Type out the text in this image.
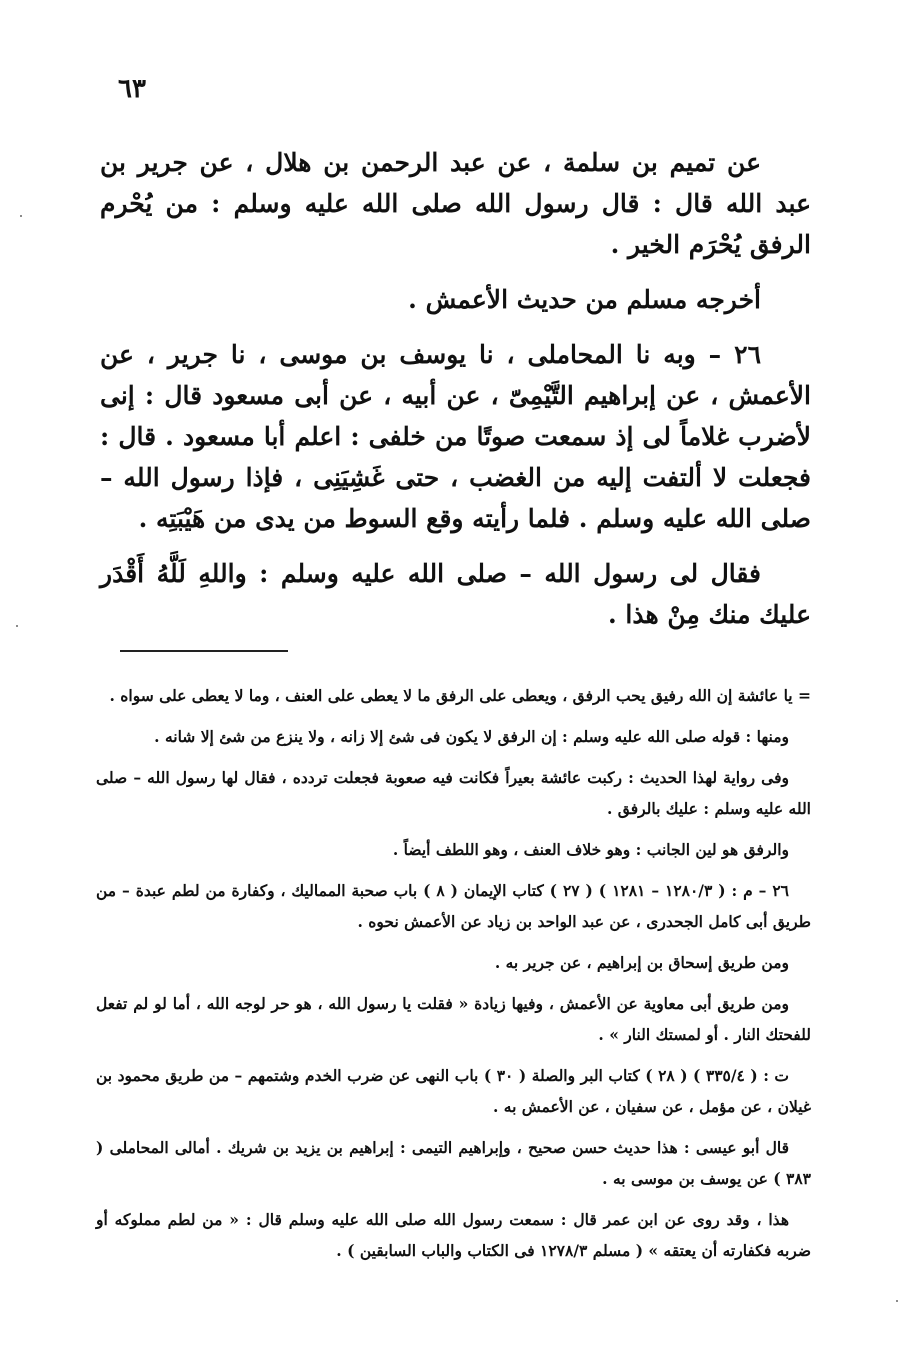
٦٣

عن تميم بن سلمة ، عن عبد الرحمن بن هلال ، عن جرير بن عبد الله قال : قال رسول الله صلى الله عليه وسلم : من يُحْرم الرفق يُحْرَم الخير .

أخرجه مسلم من حديث الأعمش .

٢٦ – وبه نا المحاملى ، نا يوسف بن موسى ، نا جرير ، عن الأعمش ، عن إبراهيم التَّيْمِىّ ، عن أبيه ، عن أبى مسعود قال : إنى لأضرب غلاماً لى إذ سمعت صوتًا من خلفى : اعلم أبا مسعود . قال : فجعلت لا ألتفت إليه من الغضب ، حتى غَشِيَنِى ، فإذا رسول الله – صلى الله عليه وسلم . فلما رأيته وقع السوط من يدى من هَيْبَتِه .

فقال لى رسول الله – صلى الله عليه وسلم : واللهِ لَلَّهُ أَقْدَر عليك منك مِنْ هذا .

= يا عائشة إن الله رفيق يحب الرفق ، ويعطى على الرفق ما لا يعطى على العنف ، وما لا يعطى على سواه .

ومنها : قوله صلى الله عليه وسلم : إن الرفق لا يكون فى شئ إلا زانه ، ولا ينزع من شئ إلا شانه .

وفى رواية لهذا الحديث : ركبت عائشة بعيراً فكانت فيه صعوبة فجعلت تردده ، فقال لها رسول الله – صلى الله عليه وسلم : عليك بالرفق .

والرفق هو لين الجانب : وهو خلاف العنف ، وهو اللطف أيضاً .

٢٦ – م : ( ١٢٨٠/٣ – ١٢٨١ ) ( ٢٧ ) كتاب الإيمان ( ٨ ) باب صحبة المماليك ، وكفارة من لطم عبدة – من طريق أبى كامل الجحدرى ، عن عبد الواحد بن زياد عن الأعمش نحوه .

ومن طريق إسحاق بن إبراهيم ، عن جرير به .

ومن طريق أبى معاوية عن الأعمش ، وفيها زيادة « فقلت يا رسول الله ، هو حر لوجه الله ، أما لو لم تفعل للفحتك النار . أو لمستك النار » .

ت : ( ٣٣٥/٤ ) ( ٢٨ ) كتاب البر والصلة ( ٣٠ ) باب النهى عن ضرب الخدم وشتمهم – من طريق محمود بن غيلان ، عن مؤمل ، عن سفيان ، عن الأعمش به .

قال أبو عيسى : هذا حديث حسن صحيح ، وإبراهيم التيمى : إبراهيم بن يزيد بن شريك . أمالى المحاملى ( ٣٨٣ ) عن يوسف بن موسى به .

هذا ، وقد روى عن ابن عمر قال : سمعت رسول الله صلى الله عليه وسلم قال : « من لطم مملوكه أو ضربه فكفارته أن يعتقه » ( مسلم ١٢٧٨/٣ فى الكتاب والباب السابقين ) .
